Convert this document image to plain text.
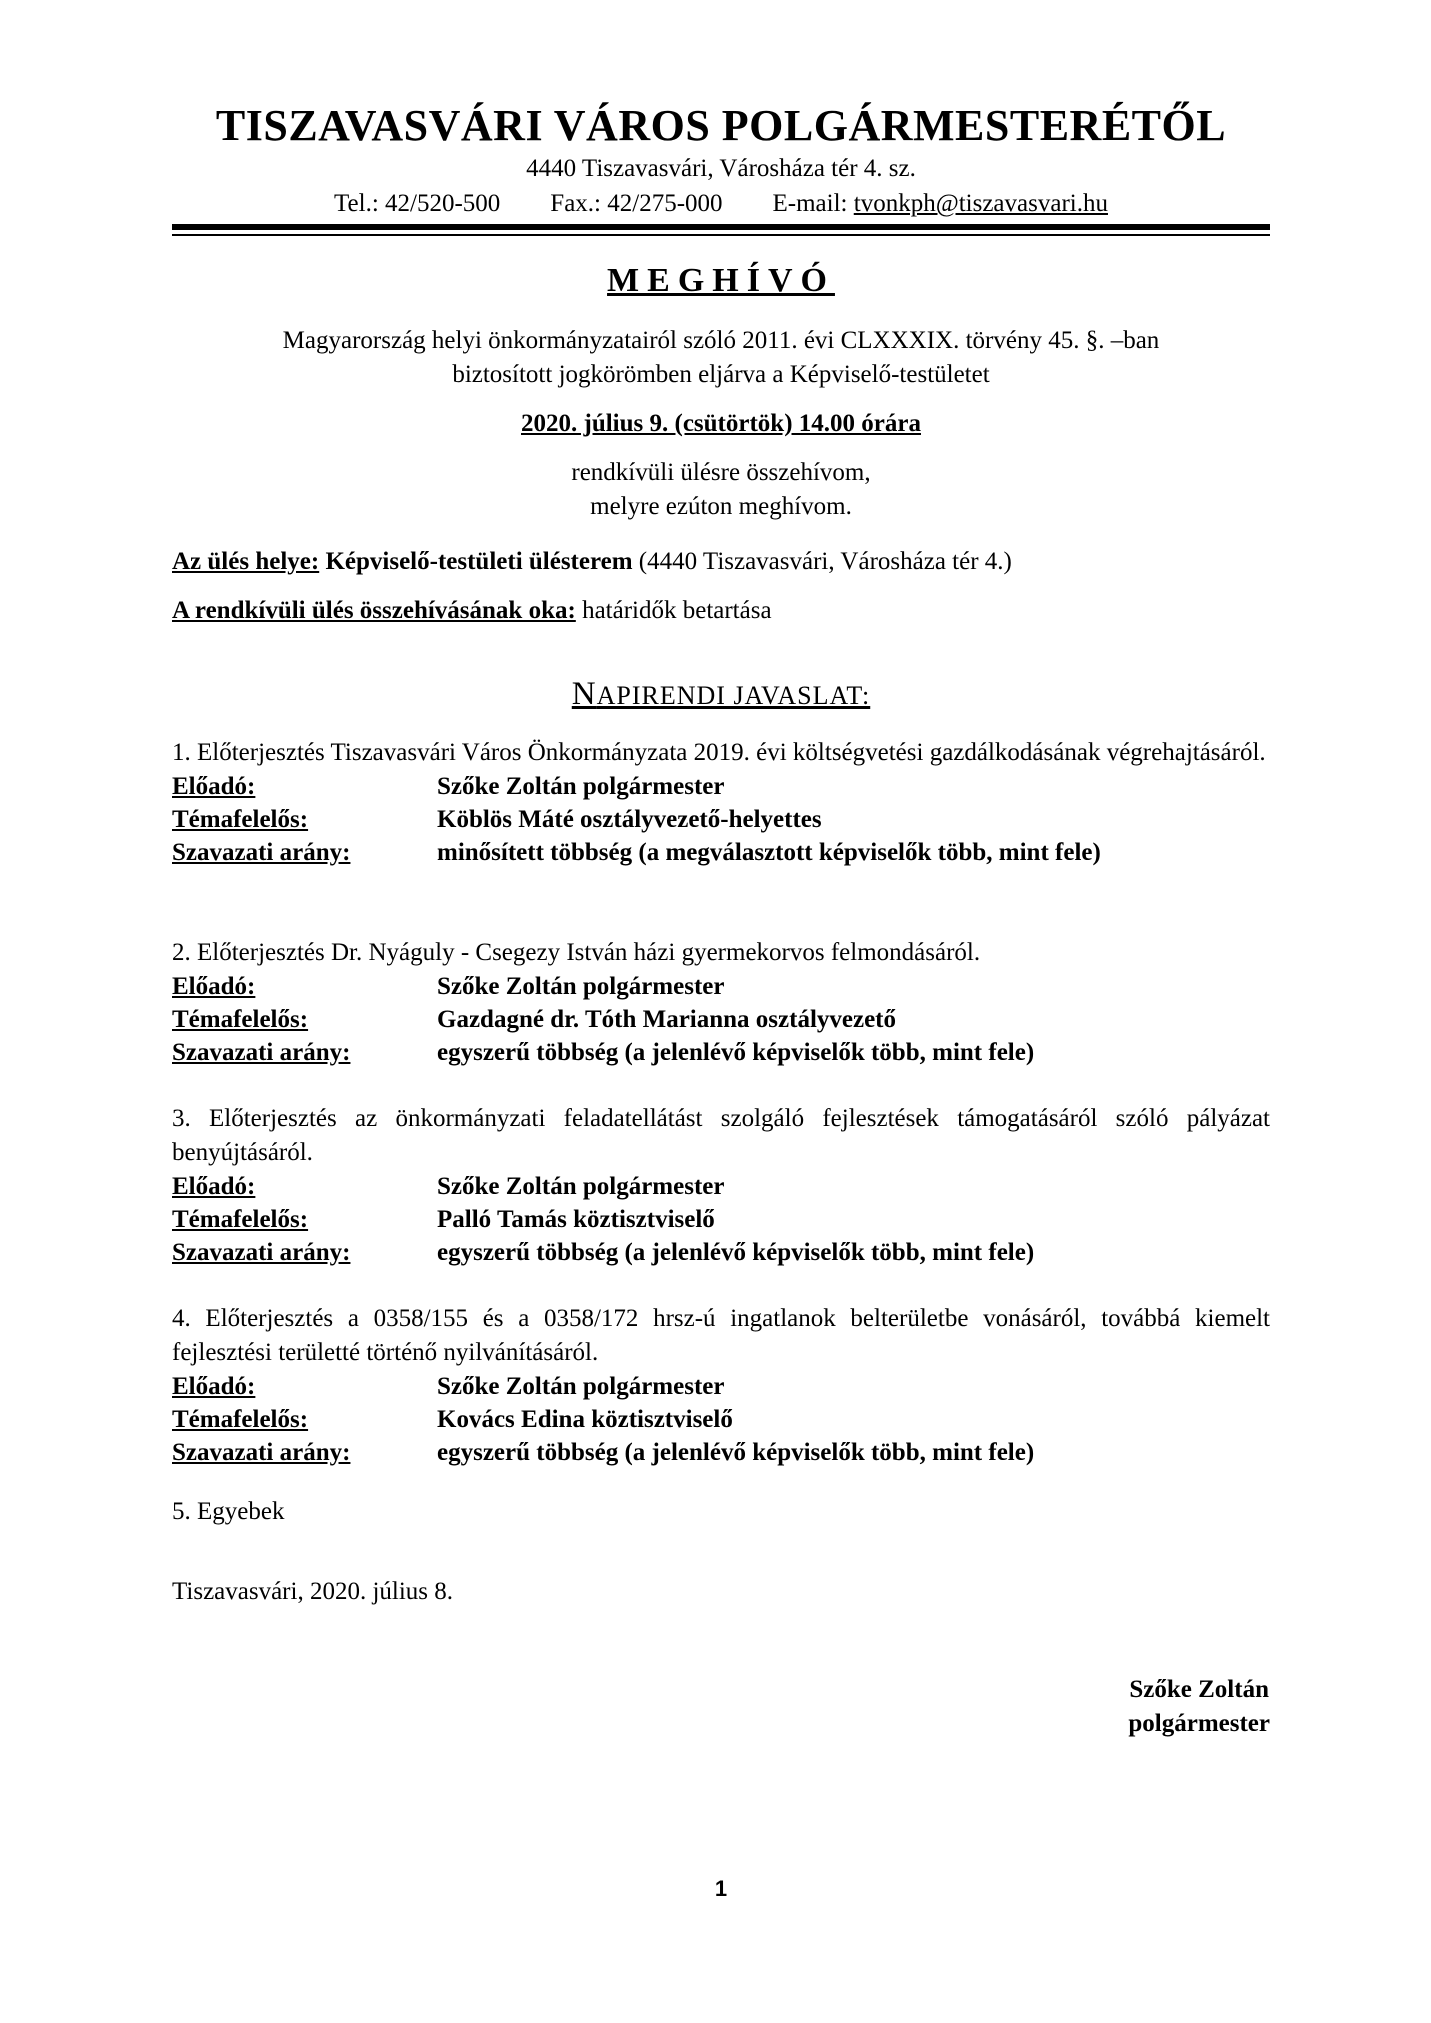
TISZAVASVÁRI VÁROS POLGÁRMESTERÉTŐL
4440 Tiszavasvári, Városháza tér 4. sz.
Tel.: 42/520-500 Fax.: 42/275-000 E-mail: tvonkph@tiszavasvari.hu
MEGHÍVÓ
Magyarország helyi önkormányzatairól szóló 2011. évi CLXXXIX. törvény 45. §. –ban
biztosított jogkörömben eljárva a Képviselő-testületet
2020. július 9. (csütörtök) 14.00 órára
rendkívüli ülésre összehívom,
melyre ezúton meghívom.
Az ülés helye: Képviselő-testületi ülésterem (4440 Tiszavasvári, Városháza tér 4.)
A rendkívüli ülés összehívásának oka: határidők betartása
NAPIRENDI JAVASLAT:

1. Előterjesztés Tiszavasvári Város Önkormányzata 2019. évi költségvetési gazdálkodásának végrehajtásáról.

Előadó:	Szőke Zoltán polgármester
Témafelelős:	Köblös Máté osztályvezető-helyettes
Szavazati arány:	minősített többség (a megválasztott képviselők több, mint fele)

2. Előterjesztés Dr. Nyáguly - Csegezy István házi gyermekorvos felmondásáról.

Előadó:	Szőke Zoltán polgármester
Témafelelős:	Gazdagné dr. Tóth Marianna osztályvezető
Szavazati arány:	egyszerű többség (a jelenlévő képviselők több, mint fele)

3. Előterjesztés az önkormányzati feladatellátást szolgáló fejlesztések támogatásáról szóló pályázat benyújtásáról.

Előadó:	Szőke Zoltán polgármester
Témafelelős:	Palló Tamás köztisztviselő
Szavazati arány:	egyszerű többség (a jelenlévő képviselők több, mint fele)

4. Előterjesztés a 0358/155 és a 0358/172 hrsz-ú ingatlanok belterületbe vonásáról, továbbá kiemelt fejlesztési területté történő nyilvánításáról.

Előadó:	Szőke Zoltán polgármester
Témafelelős:	Kovács Edina köztisztviselő
Szavazati arány:	egyszerű többség (a jelenlévő képviselők több, mint fele)
5. Egyebek
Tiszavasvári, 2020. július 8.
Szőke Zoltán
polgármester
1
